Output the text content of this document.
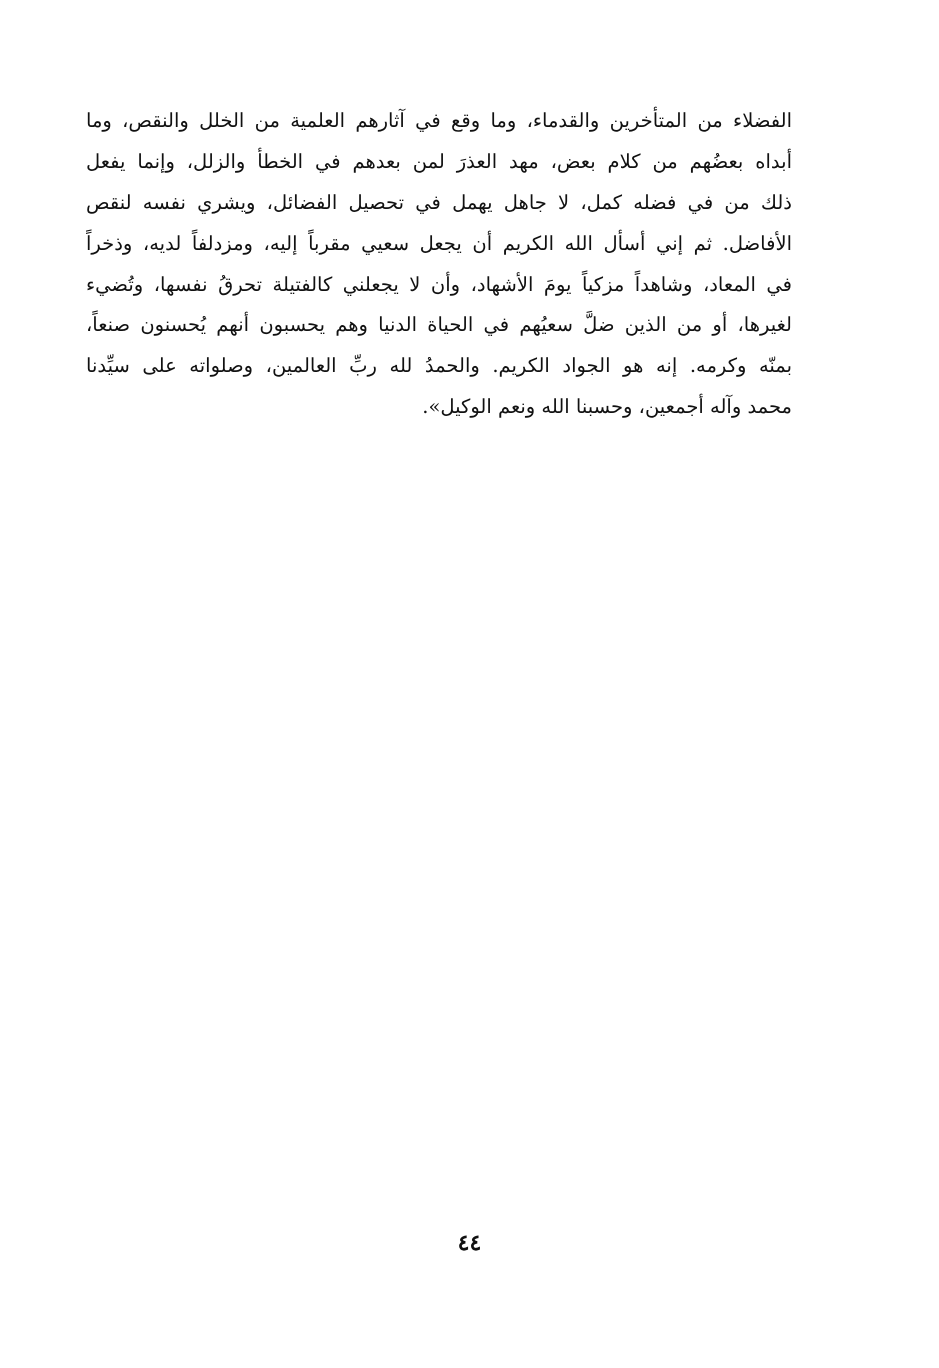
الفضلاء من المتأخرين والقدماء، وما وقع في آثارهم العلمية من الخلل والنقص، وما
أبداه بعضُهم من كلام بعض، مهد العذرَ لمن بعدهم في الخطأ والزلل، وإنما يفعل
ذلك من في فضله كمل، لا جاهل يهمل في تحصيل الفضائل، ويشري نفسه لنقص
الأفاضل. ثم إني أسأل الله الكريم أن يجعل سعيي مقرباً إليه، ومزدلفاً لديه، وذخراً
في المعاد، وشاهداً مزكياً يومَ الأشهاد، وأن لا يجعلني كالفتيلة تحرقُ نفسها، وتُضيء
لغيرها، أو من الذين ضلَّ سعيُهم في الحياة الدنيا وهم يحسبون أنهم يُحسنون صنعاً،
بمنّه وكرمه. إنه هو الجواد الكريم. والحمدُ لله ربِّ العالمين، وصلواته على سيِّدنا
محمد وآله أجمعين، وحسبنا الله ونعم الوكيل».
٤٤
